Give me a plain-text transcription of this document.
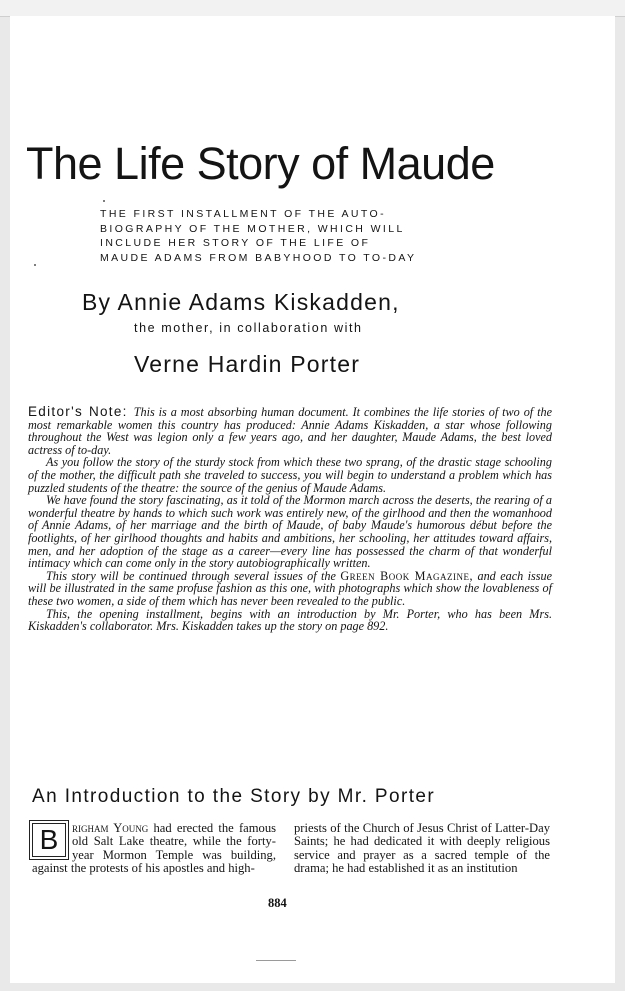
The Life Story of Maude
THE FIRST INSTALLMENT OF THE AUTO-
BIOGRAPHY OF THE MOTHER, WHICH WILL
INCLUDE HER STORY OF THE LIFE OF
MAUDE ADAMS FROM BABYHOOD TO TO-DAY
By Annie Adams Kiskadden,
the mother, in collaboration with
Verne Hardin Porter

Editor's Note: This is a most absorbing human document. It combines the life stories of two of the most remarkable women this country has produced: Annie Adams Kiskadden, a star whose following throughout the West was legion only a few years ago, and her daughter, Maude Adams, the best loved actress of to-day.

As you follow the story of the sturdy stock from which these two sprang, of the drastic stage schooling of the mother, the difficult path she traveled to success, you will begin to understand a problem which has puzzled students of the theatre: the source of the genius of Maude Adams.

We have found the story fascinating, as it told of the Mormon march across the deserts, the rearing of a wonderful theatre by hands to which such work was entirely new, of the girlhood and then the womanhood of Annie Adams, of her marriage and the birth of Maude, of baby Maude's humorous début before the footlights, of her girlhood thoughts and habits and ambitions, her schooling, her attitudes toward affairs, men, and her adoption of the stage as a career—every line has possessed the charm of that wonderful intimacy which can come only in the story autobiographically written.

This story will be continued through several issues of the Green Book Magazine, and each issue will be illustrated in the same profuse fashion as this one, with photographs which show the lovableness of these two women, a side of them which has never been revealed to the public.

This, the opening installment, begins with an introduction by Mr. Porter, who has been Mrs. Kiskadden's collaborator. Mrs. Kiskadden takes up the story on page 892.

An Introduction to the Story by Mr. Porter

B	righam Young had erected the famous old Salt Lake theatre, while the forty-year Mormon Temple was building, against the protests of his apostles and high-

priests of the Church of Jesus Christ of Latter-Day Saints; he had dedicated it with deeply religious service and prayer as a sacred temple of the drama; he had established it as an institution

884
